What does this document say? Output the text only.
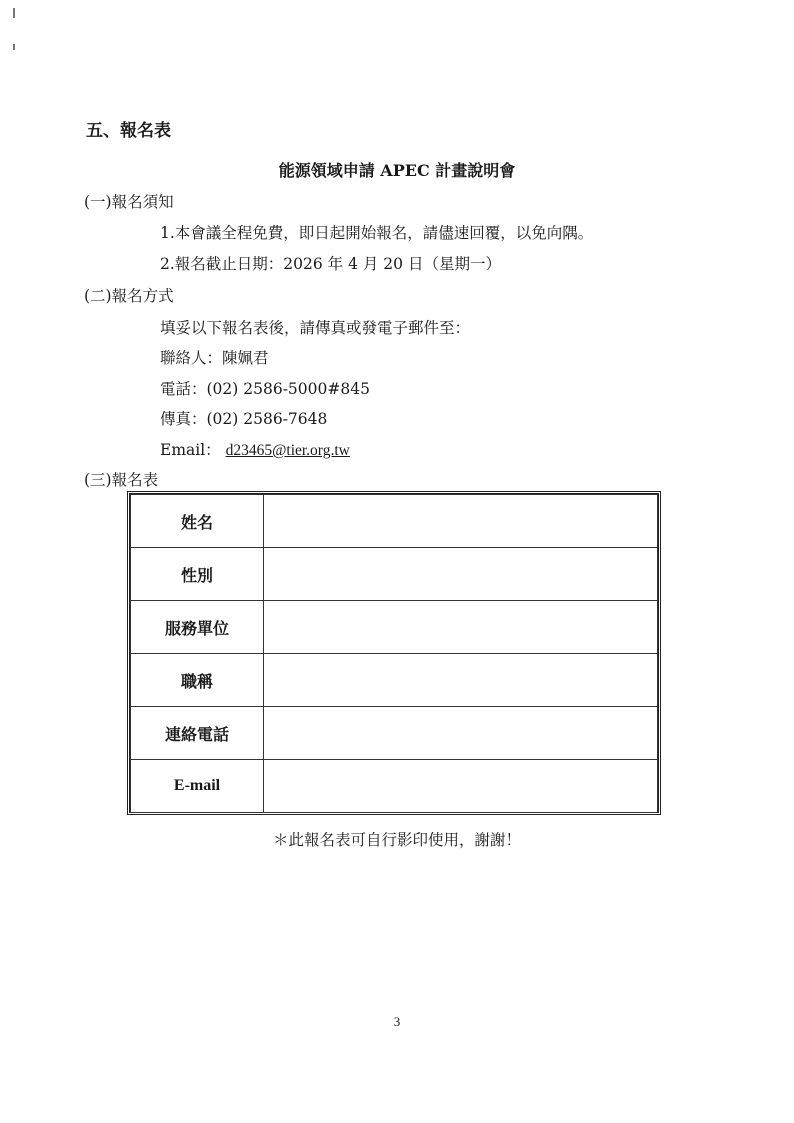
五、報名表
能源領域申請 APEC 計畫說明會
(一)報名須知
1.本會議全程免費，即日起開始報名，請儘速回覆，以免向隅。
2.報名截止日期：2026 年 4 月 20 日（星期一）
(二)報名方式
填妥以下報名表後，請傳真或發電子郵件至：
聯絡人：陳姵君
電話：(02) 2586-5000#845
傳真：(02) 2586-7648
Email： d23465@tier.org.tw
(三)報名表
姓名	
性別	
服務單位	
職稱	
連絡電話	
E-mail	
＊此報名表可自行影印使用，謝謝！
3
